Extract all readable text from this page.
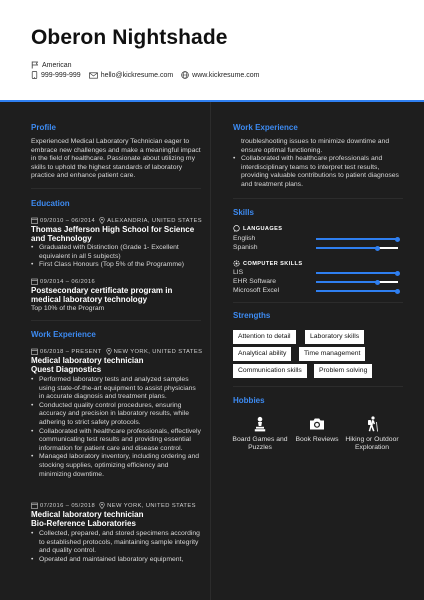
Oberon Nightshade
American
999-999-999	hello@kickresume.com	www.kickresume.com
Profile
Experienced Medical Laboratory Technician eager to embrace new challenges and make a meaningful impact in the field of healthcare. Passionate about utilizing my skills to uphold the highest standards of laboratory practice and enhance patient care.
Education
09/2010 – 06/2014 ALEXANDRIA, UNITED STATES
Thomas Jefferson High School for Science and Technology
• Graduated with Distinction (Grade 1- Excellent equivalent in all 5 subjects)
• First Class Honours (Top 5% of the Programme)
09/2014 – 06/2016
Postsecondary certificate program in medical laboratory technology
Top 10% of the Program
Work Experience
06/2018 – PRESENT NEW YORK, UNITED STATES
Medical laboratory technician
Quest Diagnostics
• Performed laboratory tests and analyzed samples using state-of-the-art equipment to assist physicians in accurate diagnosis and treatment plans.
• Conducted quality control procedures, ensuring accuracy and precision in laboratory results, while adhering to strict safety protocols.
• Collaborated with healthcare professionals, effectively communicating test results and providing essential information for patient care and disease control.
• Managed laboratory inventory, including ordering and stocking supplies, optimizing efficiency and minimizing downtime.
07/2016 – 05/2018 NEW YORK, UNITED STATES
Medical laboratory technician
Bio-Reference Laboratories
• Collected, prepared, and stored specimens according to established protocols, maintaining sample integrity and quality control.
• Operated and maintained laboratory equipment,
Work Experience
troubleshooting issues to minimize downtime and ensure optimal functioning.
• Collaborated with healthcare professionals and interdisciplinary teams to interpret test results, providing valuable contributions to patient diagnoses and treatment plans.
Skills
LANGUAGES
English
Spanish
COMPUTER SKILLS
LIS
EHR Software
Microsoft Excel
Strengths
Attention to detail	Laboratory skills
Analytical ability	Time management
Communication skills	Problem solving
Hobbies
Board Games and Puzzles
Book Reviews	Hiking or Outdoor Exploration
